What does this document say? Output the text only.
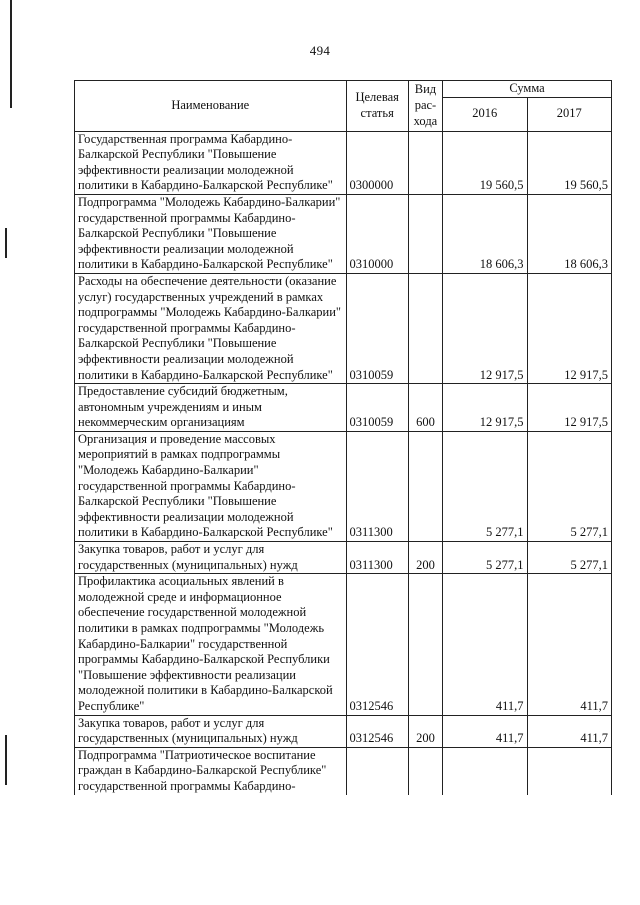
494
Наименование	Целевая статья	Вид рас-хода	Сумма	
			2016	2017
Государственная программа Кабардино-Балкарской Республики "Повышение эффективности реализации молодежной политики в Кабардино-Балкарской Республике"	0300000		19 560,5	19 560,5
Подпрограмма "Молодежь Кабардино-Балкарии" государственной программы Кабардино-Балкарской Республики "Повышение эффективности реализации молодежной политики в Кабардино-Балкарской Республике"	0310000		18 606,3	18 606,3
Расходы на обеспечение деятельности (оказание услуг) государственных учреждений в рамках подпрограммы "Молодежь Кабардино-Балкарии" государственной программы Кабардино-Балкарской Республики "Повышение эффективности реализации молодежной политики в Кабардино-Балкарской Республике"	0310059		12 917,5	12 917,5
Предоставление субсидий бюджетным, автономным учреждениям и иным некоммерческим организациям	0310059	600	12 917,5	12 917,5
Организация и проведение массовых мероприятий в рамках подпрограммы "Молодежь Кабардино-Балкарии" государственной программы Кабардино-Балкарской Республики "Повышение эффективности реализации молодежной политики в Кабардино-Балкарской Республике"	0311300		5 277,1	5 277,1
Закупка товаров, работ и услуг для государственных (муниципальных) нужд	0311300	200	5 277,1	5 277,1
Профилактика асоциальных явлений в молодежной среде и информационное обеспечение государственной молодежной политики в рамках подпрограммы "Молодежь Кабардино-Балкарии" государственной программы Кабардино-Балкарской Республики "Повышение эффективности реализации молодежной политики в Кабардино-Балкарской Республике"	0312546		411,7	411,7
Закупка товаров, работ и услуг для государственных (муниципальных) нужд	0312546	200	411,7	411,7
Подпрограмма "Патриотическое воспитание граждан в Кабардино-Балкарской Республике" государственной программы Кабардино-				
